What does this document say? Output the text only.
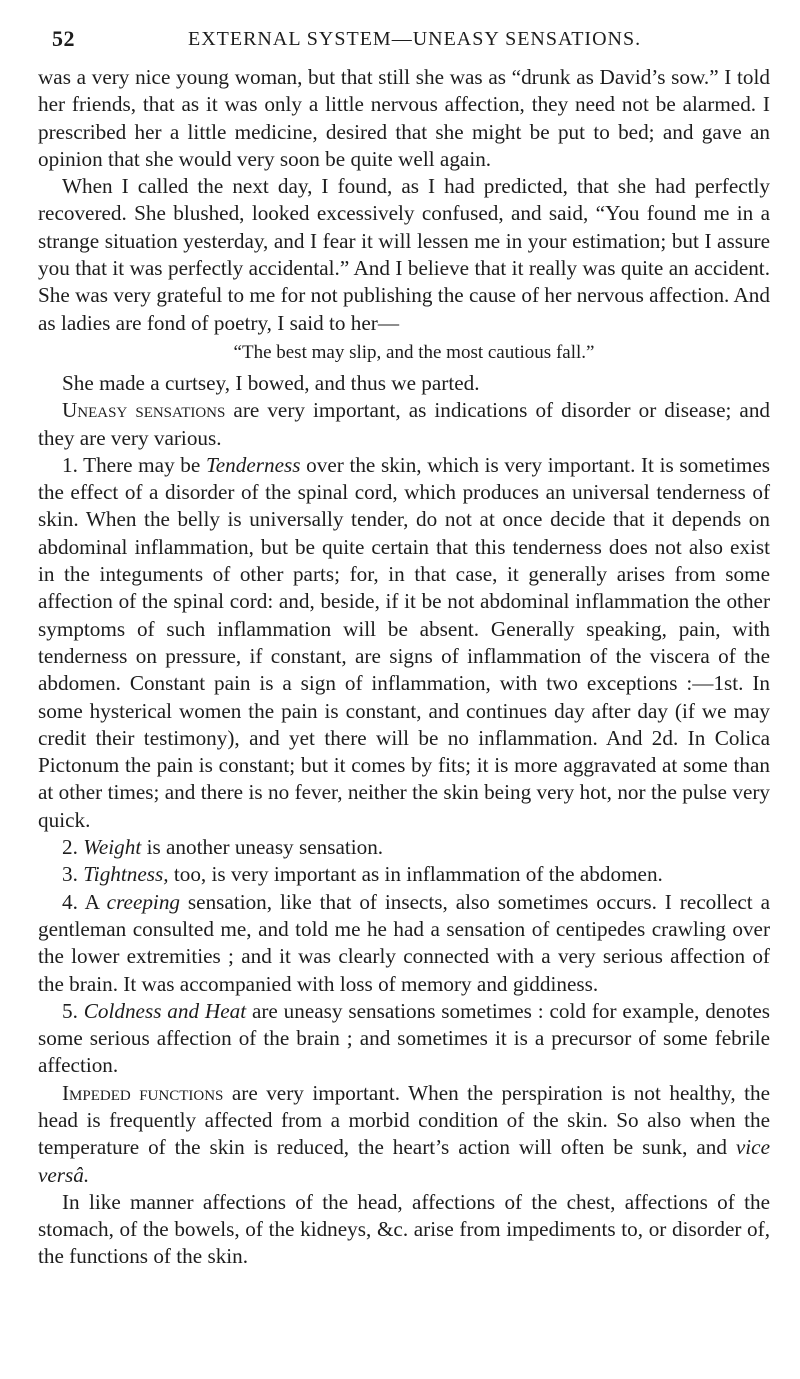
52	EXTERNAL SYSTEM—UNEASY SENSATIONS.

was a very nice young woman, but that still she was as “drunk as David’s sow.” I told her friends, that as it was only a little nervous affection, they need not be alarmed. I prescribed her a little medicine, desired that she might be put to bed; and gave an opinion that she would very soon be quite well again.

When I called the next day, I found, as I had predicted, that she had perfectly recovered. She blushed, looked excessively confused, and said, “You found me in a strange situation yesterday, and I fear it will lessen me in your estimation; but I assure you that it was perfectly accidental.” And I believe that it really was quite an accident. She was very grateful to me for not publishing the cause of her nervous affection. And as ladies are fond of poetry, I said to her—

“The best may slip, and the most cautious fall.”

She made a curtsey, I bowed, and thus we parted.

Uneasy sensations are very important, as indications of disorder or disease; and they are very various.

1. There may be Tenderness over the skin, which is very important. It is sometimes the effect of a disorder of the spinal cord, which produces an universal tenderness of skin. When the belly is universally tender, do not at once decide that it depends on abdominal inflammation, but be quite certain that this tenderness does not also exist in the integuments of other parts; for, in that case, it generally arises from some affection of the spinal cord: and, beside, if it be not abdominal inflammation the other symptoms of such inflammation will be absent. Generally speaking, pain, with tenderness on pressure, if constant, are signs of inflammation of the viscera of the abdomen. Constant pain is a sign of inflammation, with two exceptions :—1st. In some hysterical women the pain is constant, and continues day after day (if we may credit their testimony), and yet there will be no inflammation. And 2d. In Colica Pictonum the pain is constant; but it comes by fits; it is more aggravated at some than at other times; and there is no fever, neither the skin being very hot, nor the pulse very quick.

2. Weight is another uneasy sensation.

3. Tightness, too, is very important as in inflammation of the abdomen.

4. A creeping sensation, like that of insects, also sometimes occurs. I recollect a gentleman consulted me, and told me he had a sensation of centipedes crawling over the lower extremities ; and it was clearly connected with a very serious affection of the brain. It was accompanied with loss of memory and giddiness.

5. Coldness and Heat are uneasy sensations sometimes : cold for example, denotes some serious affection of the brain ; and sometimes it is a precursor of some febrile affection.

Impeded functions are very important. When the perspiration is not healthy, the head is frequently affected from a morbid condition of the skin. So also when the temperature of the skin is reduced, the heart’s action will often be sunk, and vice versâ.

In like manner affections of the head, affections of the chest, affections of the stomach, of the bowels, of the kidneys, &c. arise from impediments to, or disorder of, the functions of the skin.
